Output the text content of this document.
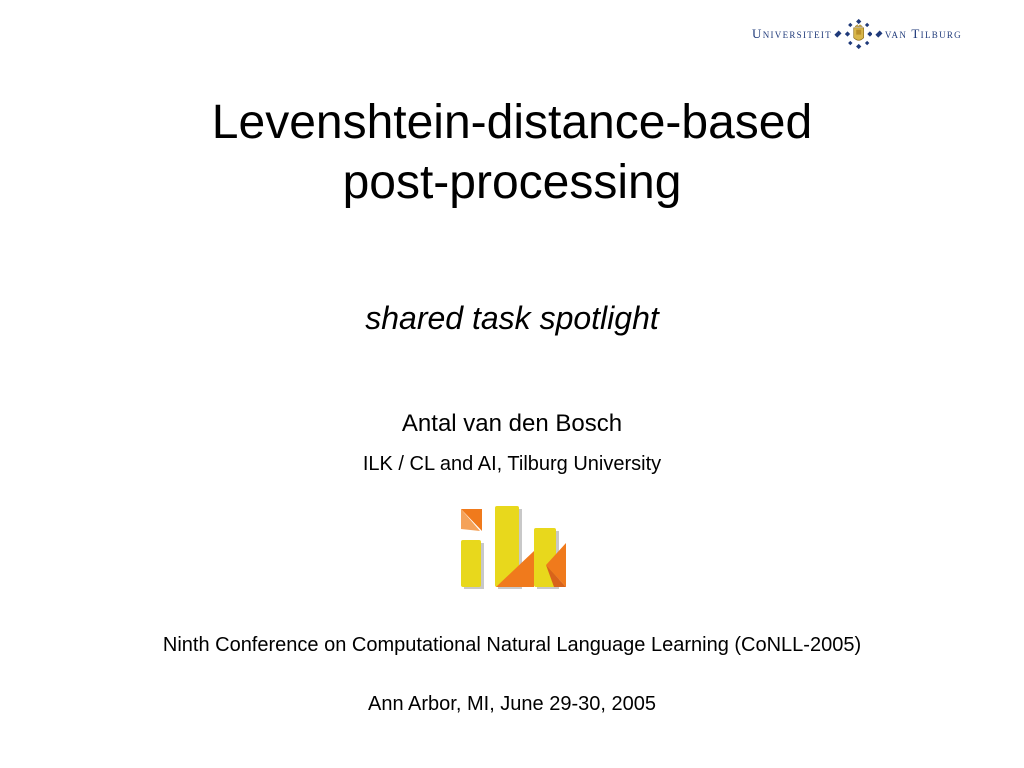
Universiteit	van Tilburg
Levenshtein-distance-based
post-processing
shared task spotlight
Antal van den Bosch
ILK / CL and AI, Tilburg University
Ninth Conference on Computational Natural Language Learning (CoNLL-2005)
Ann Arbor, MI, June 29-30, 2005
